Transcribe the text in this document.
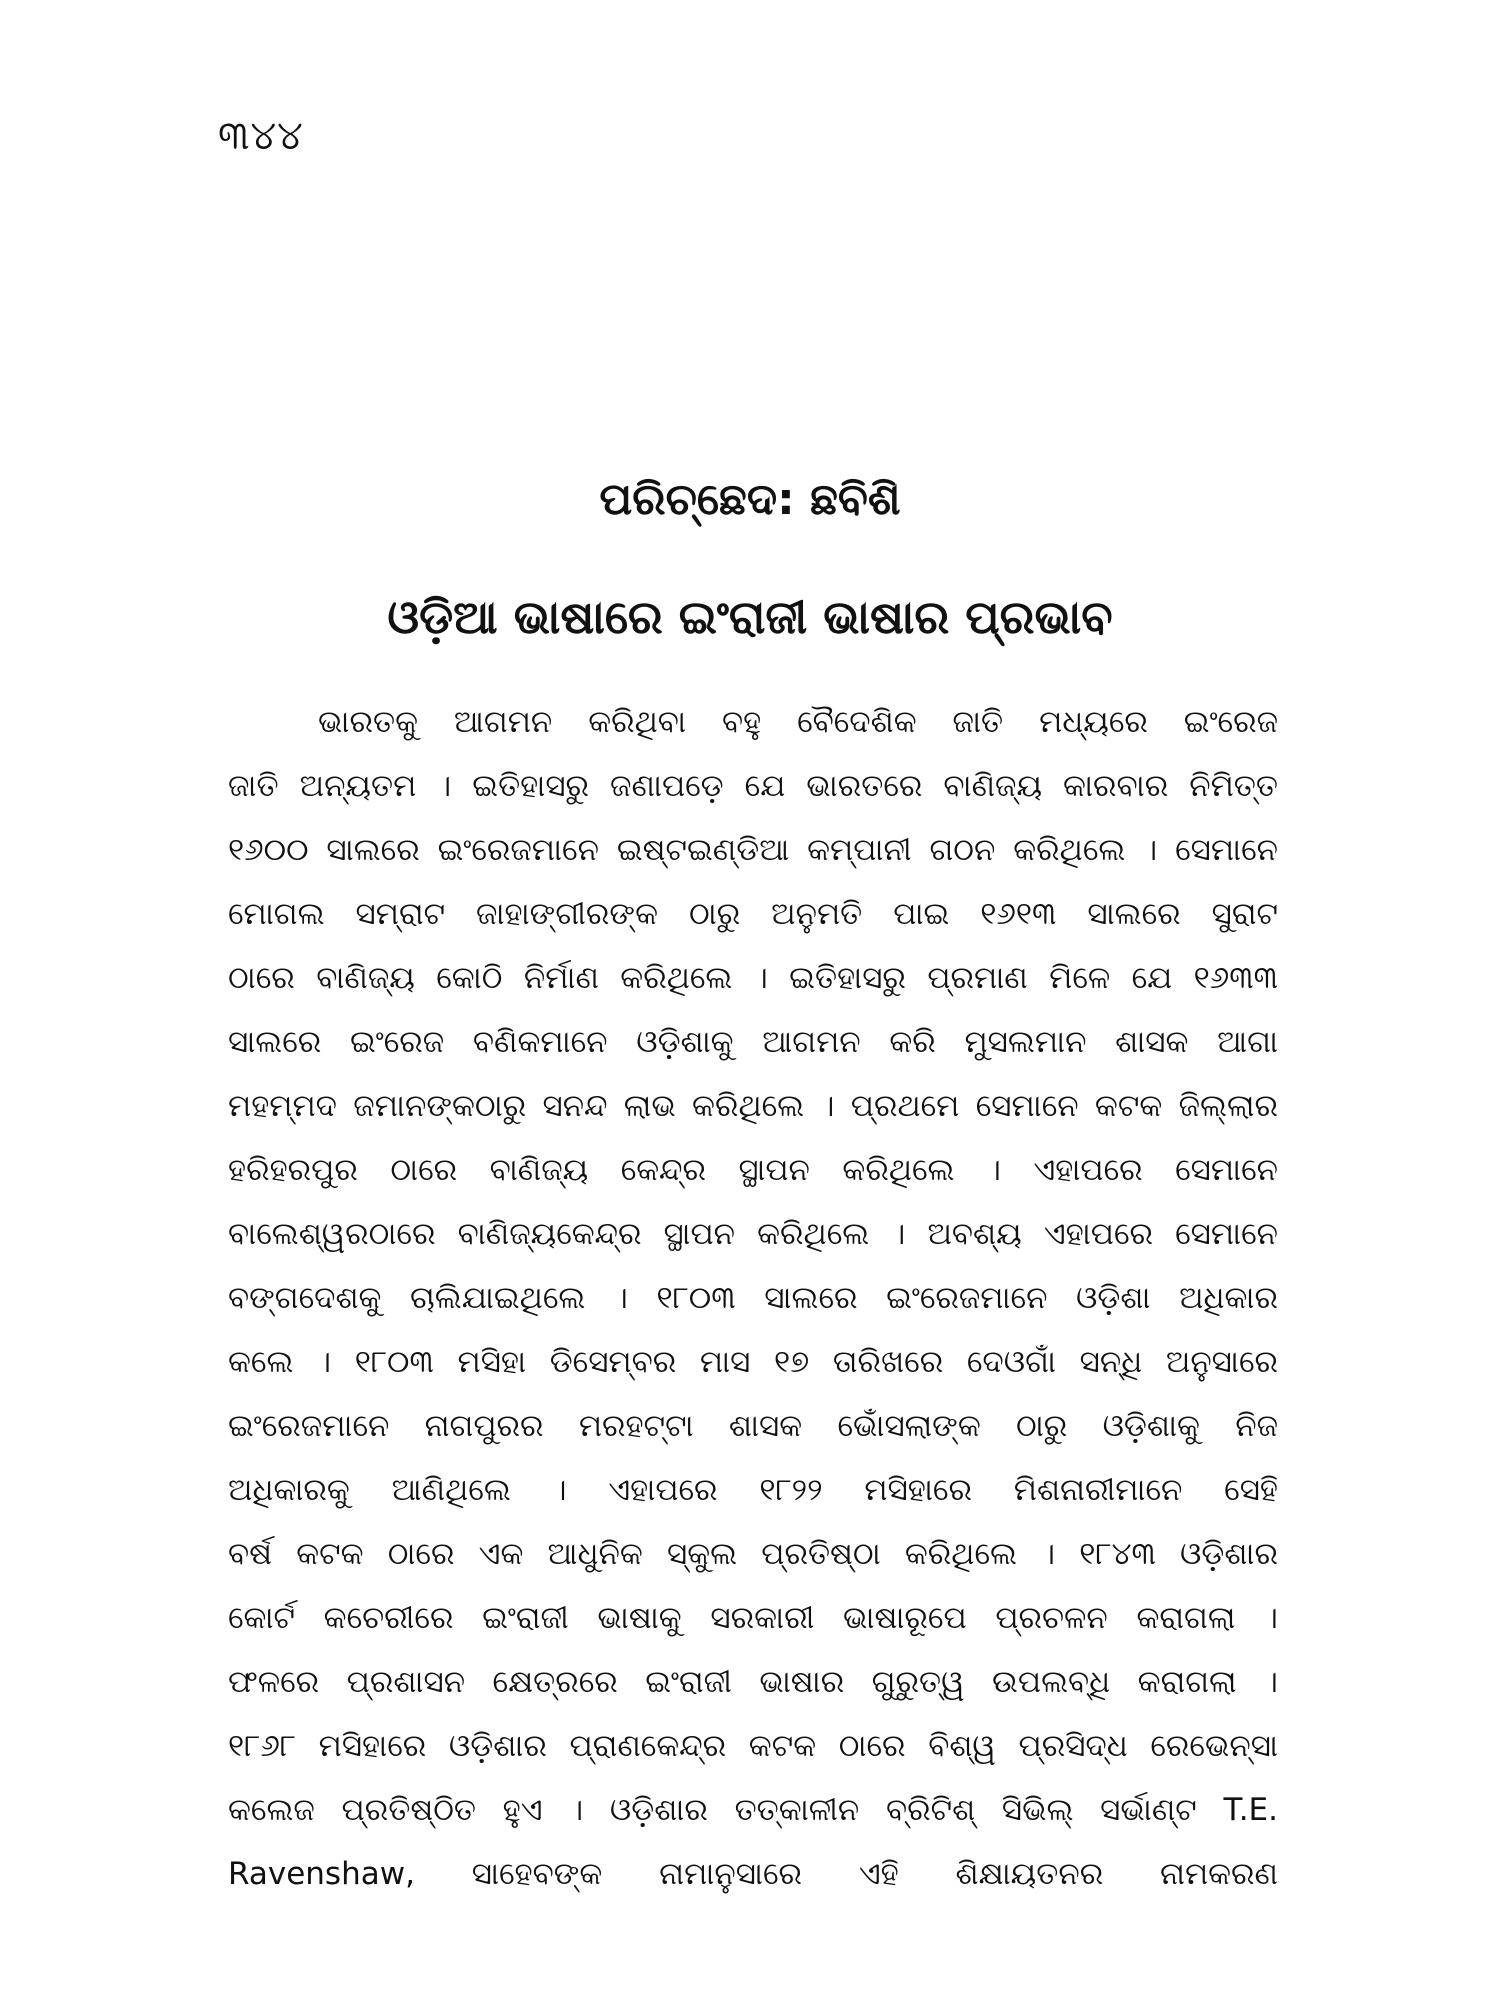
୩୪୪
ପରିଚ୍ଛେଦ: ଛବିଶି
ଓଡ଼ିଆ ଭାଷାରେ ଇଂରାଜୀ ଭାଷାର ପ୍ରଭାବ
ଭାରତକୁ ଆଗମନ କରିଥିବା ବହୁ ବୈଦେଶିକ ଜାତି ମଧ୍ୟରେ ଇଂରେଜ
ଜାତି ଅନ୍ୟତମ । ଇତିହାସରୁ ଜଣାପଡ଼େ ଯେ ଭାରତରେ ବାଣିଜ୍ୟ କାରବାର ନିମିତ୍ତ
୧୬୦୦ ସାଲରେ ଇଂରେଜମାନେ ଇଷ୍ଟଇଣ୍ଡିଆ କମ୍ପାନୀ ଗଠନ କରିଥିଲେ । ସେମାନେ
ମୋଗଲ ସମ୍ରାଟ ଜାହାଙ୍ଗୀରଙ୍କ ଠାରୁ ଅନୁମତି ପାଇ ୧୬୧୩ ସାଲରେ ସୁରାଟ
ଠାରେ ବାଣିଜ୍ୟ କୋଠି ନିର୍ମାଣ କରିଥିଲେ । ଇତିହାସରୁ ପ୍ରମାଣ ମିଳେ ଯେ ୧୬୩୩
ସାଲରେ ଇଂରେଜ ବଣିକମାନେ ଓଡ଼ିଶାକୁ ଆଗମନ କରି ମୁସଲମାନ ଶାସକ ଆଗା
ମହମ୍ମଦ ଜମାନଙ୍କଠାରୁ ସନନ୍ଦ ଲାଭ କରିଥିଲେ । ପ୍ରଥମେ ସେମାନେ କଟକ ଜିଲ୍ଲାର
ହରିହରପୁର ଠାରେ ବାଣିଜ୍ୟ କେନ୍ଦ୍ର ସ୍ଥାପନ କରିଥିଲେ । ଏହାପରେ ସେମାନେ
ବାଲେଶ୍ୱରଠାରେ ବାଣିଜ୍ୟକେନ୍ଦ୍ର ସ୍ଥାପନ କରିଥିଲେ । ଅବଶ୍ୟ ଏହାପରେ ସେମାନେ
ବଙ୍ଗଦେଶକୁ ଚାଲିଯାଇଥିଲେ । ୧୮୦୩ ସାଲରେ ଇଂରେଜମାନେ ଓଡ଼ିଶା ଅଧିକାର
କଲେ । ୧୮୦୩ ମସିହା ଡିସେମ୍ବର ମାସ ୧୭ ତାରିଖରେ ଦେଓଗାଁ ସନ୍ଧି ଅନୁସାରେ
ଇଂରେଜମାନେ ନାଗପୁରର ମରହଟ୍ଟା ଶାସକ ଭୋଁସଲାଙ୍କ ଠାରୁ ଓଡ଼ିଶାକୁ ନିଜ
ଅଧିକାରକୁ ଆଣିଥିଲେ । ଏହାପରେ ୧୮୨୨ ମସିହାରେ ମିଶନାରୀମାନେ ସେହି
ବର୍ଷ କଟକ ଠାରେ ଏକ ଆଧୁନିକ ସ୍କୁଲ ପ୍ରତିଷ୍ଠା କରିଥିଲେ । ୧୮୪୩ ଓଡ଼ିଶାର
କୋର୍ଟ କଚେରୀରେ ଇଂରାଜୀ ଭାଷାକୁ ସରକାରୀ ଭାଷାରୂପେ ପ୍ରଚଳନ କରାଗଲା ।
ଫଳରେ ପ୍ରଶାସନ କ୍ଷେତ୍ରରେ ଇଂରାଜୀ ଭାଷାର ଗୁରୁତ୍ୱ ଉପଲବ୍ଧି କରାଗଲା ।
୧୮୬୮ ମସିହାରେ ଓଡ଼ିଶାର ପ୍ରାଣକେନ୍ଦ୍ର କଟକ ଠାରେ ବିଶ୍ୱ ପ୍ରସିଦ୍ଧ ରେଭେନ୍ସା
କଲେଜ ପ୍ରତିଷ୍ଠିତ ହୁଏ । ଓଡ଼ିଶାର ତତ୍‌କାଳୀନ ବ୍ରିଟିଶ୍ ସିଭିଲ୍ ସର୍ଭାଣ୍ଟ T.E.
Ravenshaw, ସାହେବଙ୍କ ନାମାନୁସାରେ ଏହି ଶିକ୍ଷାୟତନର ନାମକରଣ
